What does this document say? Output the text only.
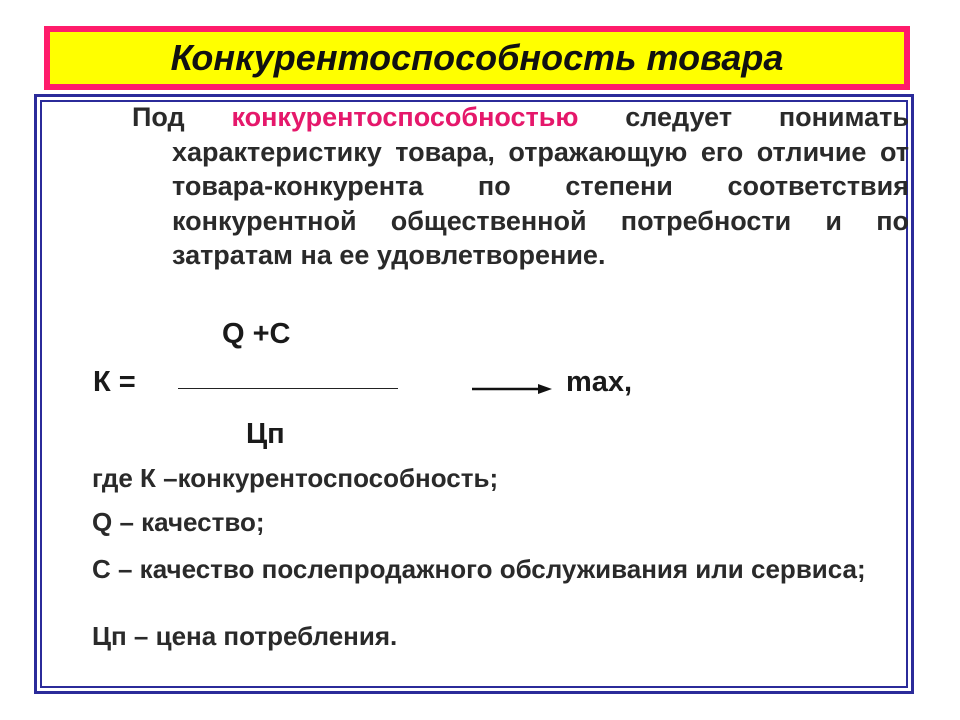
Конкурентоспособность товара
Под конкурентоспособностью следует понимать характеристику товара, отражающую его отличие от товара-конкурента по степени соответствия конкурентной общественной потребности и по затратам на ее удовлетворение.
Q +С
К =	max,
Цп
где К –конкурентоспособность;
Q – качество;
С – качество послепродажного обслуживания или сервиса;
Цп – цена потребления.
